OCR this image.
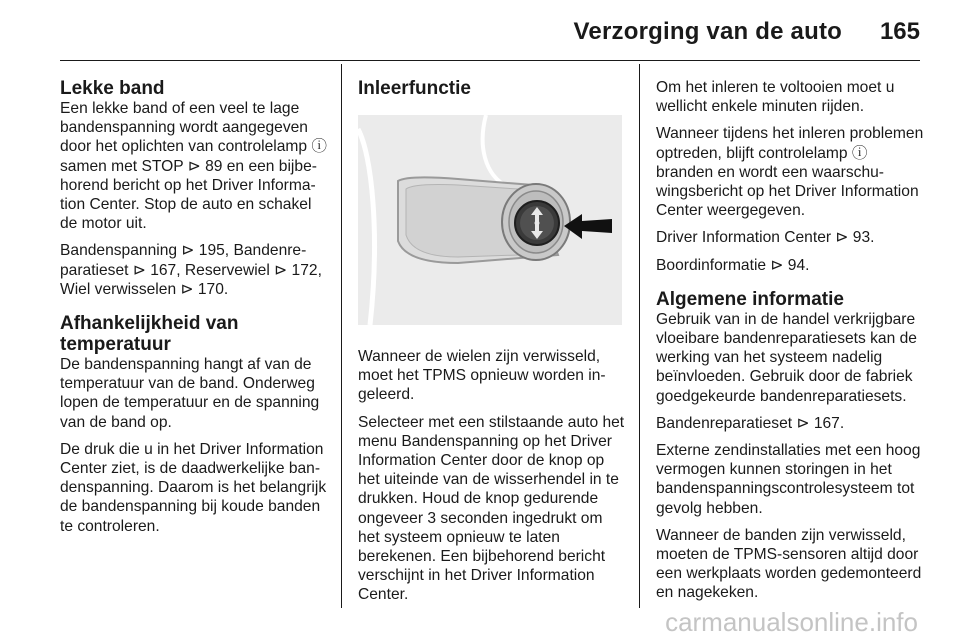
Verzorging van de auto 165
Lekke band

Een lekke band of een veel te lage bandenspanning wordt aangegeven door het oplichten van controlelamp ⓘ samen met STOP ⊳ 89 en een bijbehorend bericht op het Driver Information Center. Stop de auto en schakel de motor uit.

Bandenspanning ⊳ 195, Bandenreparatieset ⊳ 167, Reservewiel ⊳ 172, Wiel verwisselen ⊳ 170.

Afhankelijkheid van temperatuur

De bandenspanning hangt af van de temperatuur van de band. Onderweg lopen de temperatuur en de spanning van de band op.

De druk die u in het Driver Information Center ziet, is de daadwerkelijke bandenspanning. Daarom is het belangrijk de bandenspanning bij koude banden te controleren.

Inleerfunctie

Wanneer de wielen zijn verwisseld, moet het TPMS opnieuw worden ingeleerd.

Selecteer met een stilstaande auto het menu Bandenspanning op het Driver Information Center door de knop op het uiteinde van de wisserhendel in te drukken. Houd de knop gedurende ongeveer 3 seconden ingedrukt om het systeem opnieuw te laten berekenen. Een bijbehorend bericht verschijnt in het Driver Information Center.

Om het inleren te voltooien moet u wellicht enkele minuten rijden.

Wanneer tijdens het inleren problemen optreden, blijft controlelamp ⓘ branden en wordt een waarschuwingsbericht op het Driver Information Center weergegeven.

Driver Information Center ⊳ 93.

Boordinformatie ⊳ 94.

Algemene informatie

Gebruik van in de handel verkrijgbare vloeibare bandenreparatiesets kan de werking van het systeem nadelig beïnvloeden. Gebruik door de fabriek goedgekeurde bandenreparatiesets.

Bandenreparatieset ⊳ 167.

Externe zendinstallaties met een hoog vermogen kunnen storingen in het bandenspanningscontrolesysteem tot gevolg hebben.

Wanneer de banden zijn verwisseld, moeten de TPMS-sensoren altijd door een werkplaats worden gedemonteerd en nagekeken.

carmanualsonline.info
